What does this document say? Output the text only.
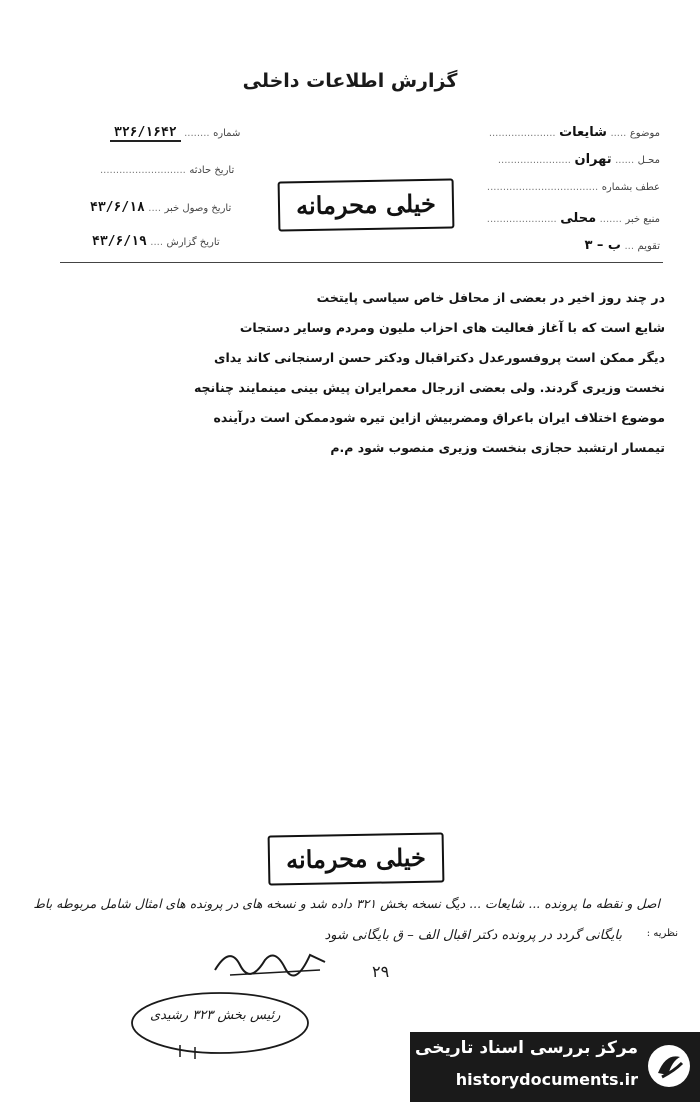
گزارش اطلاعات داخلی
شماره ........ ۳۲۶/۱۶۴۲
تاریخ حادثه ...........................
تاریخ وصول خبر .... ۴۳/۶/۱۸
تاریخ گزارش .... ۴۳/۶/۱۹
موضوع ..... شایعات .....................
محـل ...... تهران .......................
عطف بشماره ...................................
منبع خبر ....... محلی ......................
تقویم ... ب – ۳
خیلی محرمانه
در چند روز اخیر در بعضی از محافل خاص سیاسی پایتخت
شایع است که با آغاز فعالیت های احزاب ملیون ومردم وسایر دستجات
دیگر ممکن است پروفسورعدل دکتراقبال ودکتر حسن ارسنجانی کاند یدای
نخست وزیری گردند. ولی بعضی ازرجال معمرایران پیش بینی مینمایند چنانچه
موضوع اختلاف ایران باعراق ومضربیش ازاین تیره شودممکن است درآینده
تیمسار ارتشبد حجازی بنخست وزیری منصوب شود م.م
خیلی محرمانه
اصل و نقطه ما پرونده ... شایعات ... دیگ نسخه بخش ۳۲۱ داده شد و نسخه های در پرونده های امثال شامل مربوطه باط
نظریه :
بایگانی گردد در پرونده دکتر اقبال الف – ق بایگانی شود
۲۹
رئیس بخش ۳۲۳ رشیدی
مرکز بررسی اسناد تاریخی
historydocuments.ir
